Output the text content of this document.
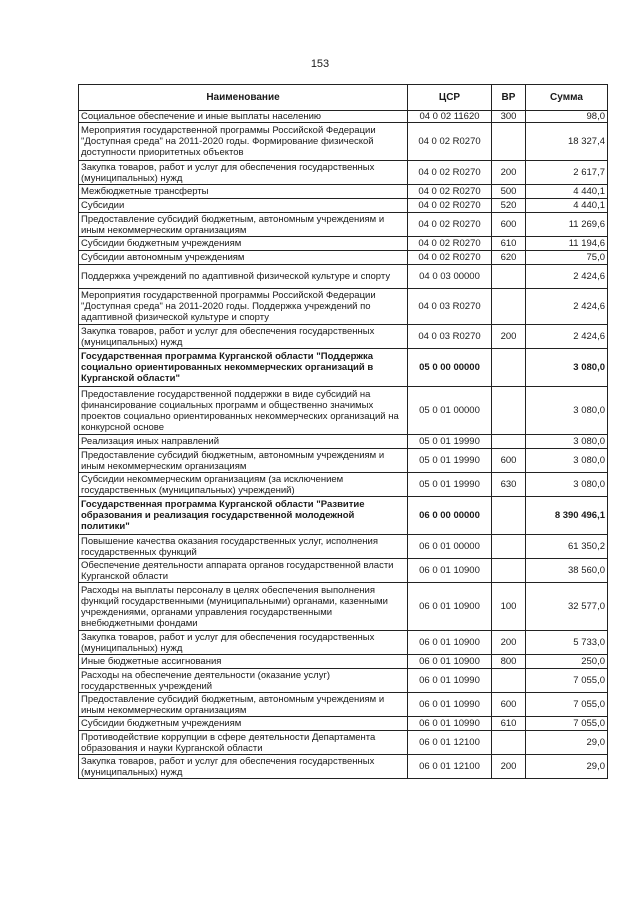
153
Наименование	ЦСР	ВР	Сумма
Социальное обеспечение и иные выплаты населению	04 0 02 11620	300	98,0
Мероприятия государственной программы Российской Федерации "Доступная среда" на 2011-2020 годы. Формирование физической доступности приоритетных объектов	04 0 02 R0270		18 327,4
Закупка товаров, работ и услуг для обеспечения государственных (муниципальных) нужд	04 0 02 R0270	200	2 617,7
Межбюджетные трансферты	04 0 02 R0270	500	4 440,1
Субсидии	04 0 02 R0270	520	4 440,1
Предоставление субсидий бюджетным, автономным учреждениям и иным некоммерческим организациям	04 0 02 R0270	600	11 269,6
Субсидии бюджетным учреждениям	04 0 02 R0270	610	11 194,6
Субсидии автономным учреждениям	04 0 02 R0270	620	75,0
Поддержка учреждений по адаптивной физической культуре и спорту	04 0 03 00000		2 424,6
Мероприятия государственной программы Российской Федерации "Доступная среда" на 2011-2020 годы. Поддержка учреждений по адаптивной физической культуре и спорту	04 0 03 R0270		2 424,6
Закупка товаров, работ и услуг для обеспечения государственных (муниципальных) нужд	04 0 03 R0270	200	2 424,6
Государственная программа Курганской области "Поддержка социально ориентированных некоммерческих организаций в Курганской области"	05 0 00 00000		3 080,0
Предоставление государственной поддержки в виде субсидий на финансирование социальных программ и общественно значимых проектов социально ориентированных некоммерческих организаций на конкурсной основе	05 0 01 00000		3 080,0
Реализация иных направлений	05 0 01 19990		3 080,0
Предоставление субсидий бюджетным, автономным учреждениям и иным некоммерческим организациям	05 0 01 19990	600	3 080,0
Субсидии некоммерческим организациям (за исключением государственных (муниципальных) учреждений)	05 0 01 19990	630	3 080,0
Государственная программа Курганской области "Развитие образования и реализация государственной молодежной политики"	06 0 00 00000		8 390 496,1
Повышение качества оказания государственных услуг, исполнения государственных функций	06 0 01 00000		61 350,2
Обеспечение деятельности аппарата органов государственной власти Курганской области	06 0 01 10900		38 560,0
Расходы на выплаты персоналу в целях обеспечения выполнения функций государственными (муниципальными) органами, казенными учреждениями, органами управления государственными внебюджетными фондами	06 0 01 10900	100	32 577,0
Закупка товаров, работ и услуг для обеспечения государственных (муниципальных) нужд	06 0 01 10900	200	5 733,0
Иные бюджетные ассигнования	06 0 01 10900	800	250,0
Расходы на обеспечение деятельности (оказание услуг) государственных учреждений	06 0 01 10990		7 055,0
Предоставление субсидий бюджетным, автономным учреждениям и иным некоммерческим организациям	06 0 01 10990	600	7 055,0
Субсидии бюджетным учреждениям	06 0 01 10990	610	7 055,0
Противодействие коррупции в сфере деятельности Департамента образования и науки Курганской области	06 0 01 12100		29,0
Закупка товаров, работ и услуг для обеспечения государственных (муниципальных) нужд	06 0 01 12100	200	29,0
